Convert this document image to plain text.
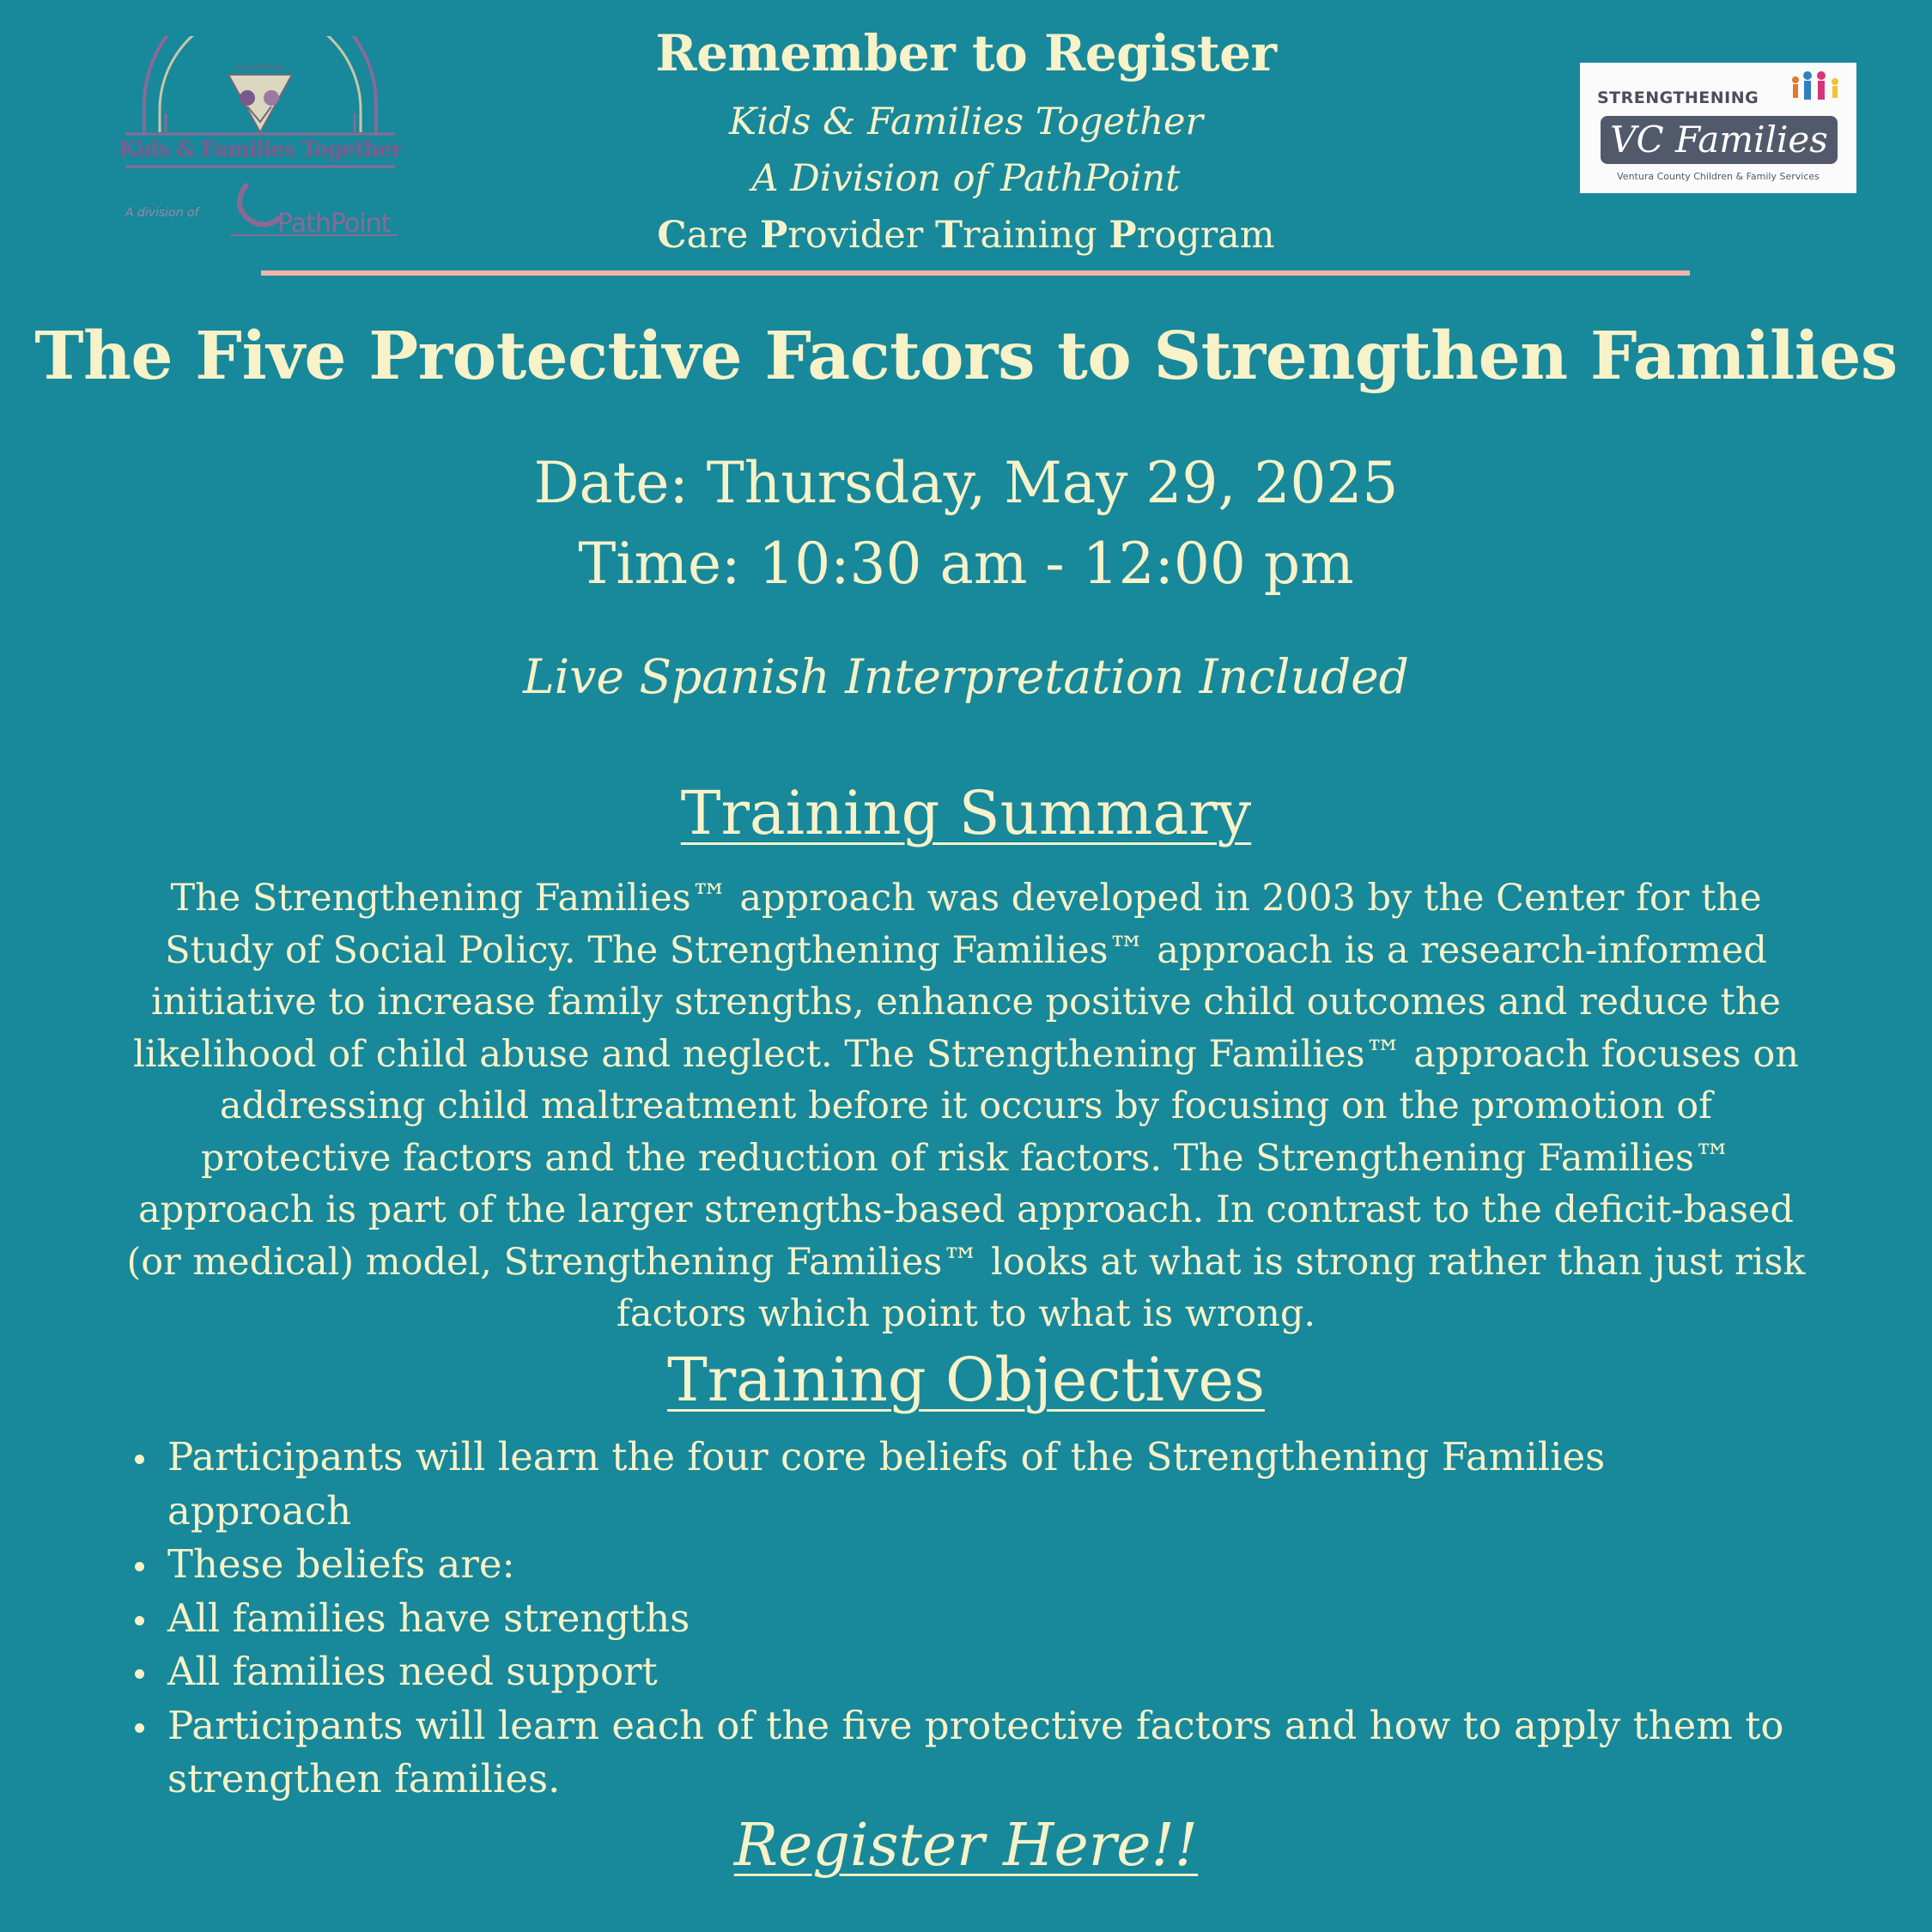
ADOPTION
Kids & Families Together
A division of	PathPoint
Remember to Register
Kids & Families Together
A Division of PathPoint
Care Provider Training Program
STRENGTHENING
VC Families
Ventura County Children & Family Services
The Five Protective Factors to Strengthen Families
Date: Thursday, May 29, 2025
Time: 10:30 am - 12:00 pm
Live Spanish Interpretation Included
Training Summary
The Strengthening Families™ approach was developed in 2003 by the Center for the Study of Social Policy. The Strengthening Families™ approach is a research-informed initiative to increase family strengths, enhance positive child outcomes and reduce the likelihood of child abuse and neglect. The Strengthening Families™ approach focuses on addressing child maltreatment before it occurs by focusing on the promotion of protective factors and the reduction of risk factors. The Strengthening Families™ approach is part of the larger strengths-based approach. In contrast to the deficit-based (or medical) model, Strengthening Families™ looks at what is strong rather than just risk factors which point to what is wrong.
Training Objectives
Participants will learn the four core beliefs of the Strengthening Families approach
These beliefs are:
All families have strengths
All families need support
Participants will learn each of the five protective factors and how to apply them to strengthen families.
Register Here!!
